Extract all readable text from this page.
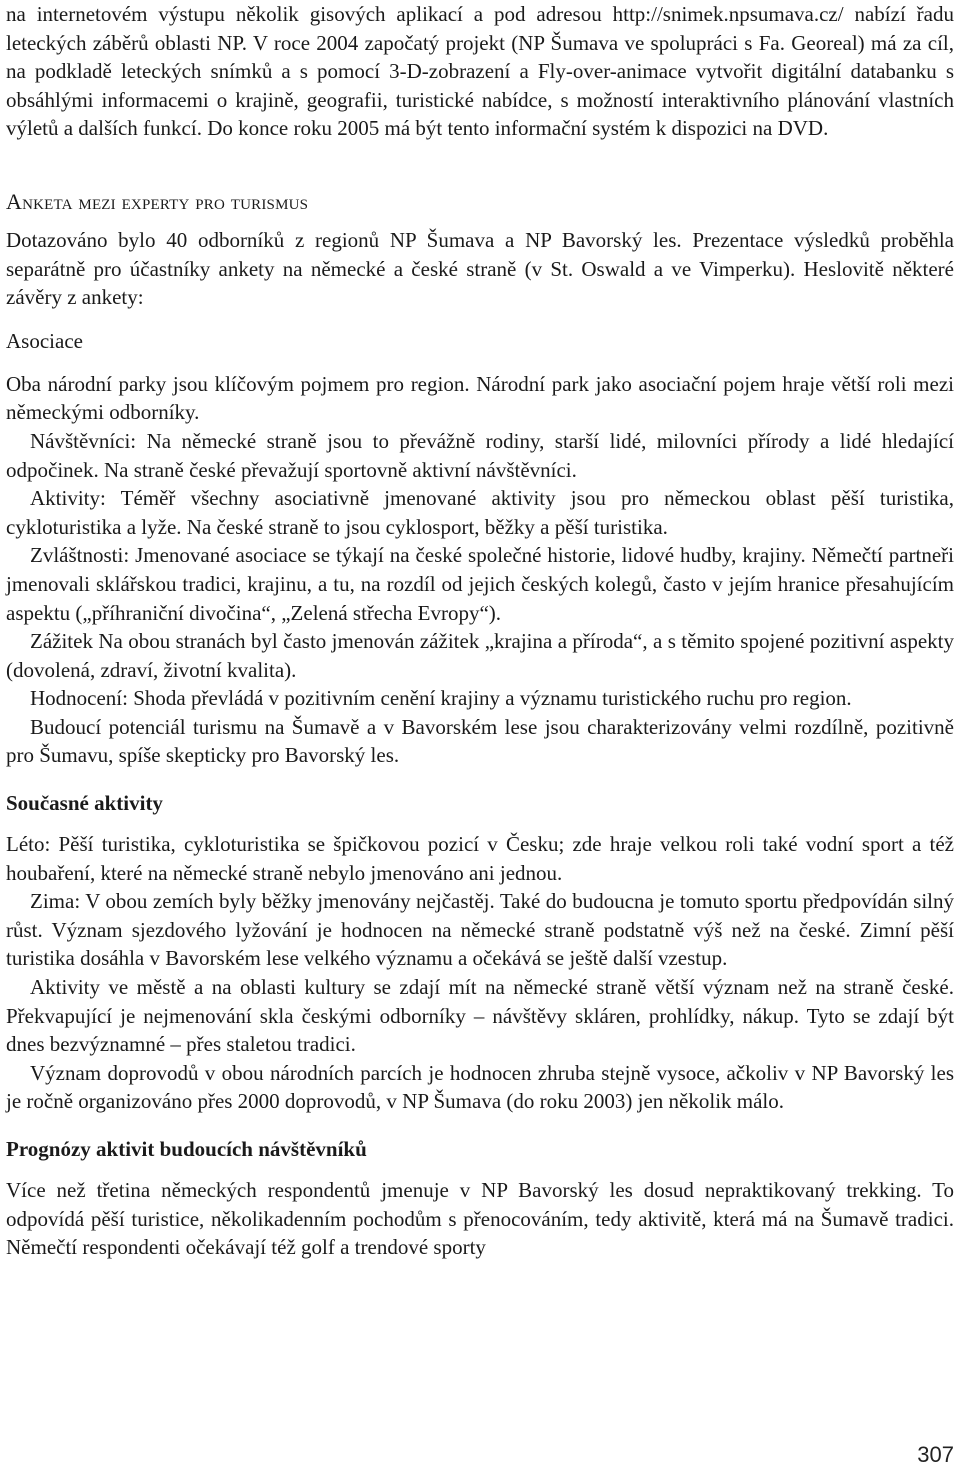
na internetovém výstupu několik gisových aplikací a pod adresou http://snimek.npsumava.cz/ nabízí řadu leteckých záběrů oblasti NP. V roce 2004 započatý projekt (NP Šumava ve spolupráci s Fa. Georeal) má za cíl, na podkladě leteckých snímků a s pomocí 3-D-zobrazení a Fly-over-animace vytvořit digitální databanku s obsáhlými informacemi o krajině, geografii, turistické nabídce, s možností interaktivního plánování vlastních výletů a dalších funkcí. Do konce roku 2005 má být tento informační systém k dispozici na DVD.

Anketa mezi experty pro turismus

Dotazováno bylo 40 odborníků z regionů NP Šumava a NP Bavorský les. Prezentace výsledků proběhla separátně pro účastníky ankety na německé a české straně (v St. Oswald a ve Vimperku). Heslovitě některé závěry z ankety:

Asociace

Oba národní parky jsou klíčovým pojmem pro region. Národní park jako asociační pojem hraje větší roli mezi německými odborníky.

Návštěvníci: Na německé straně jsou to převážně rodiny, starší lidé, milovníci přírody a lidé hledající odpočinek. Na straně české převažují sportovně aktivní návštěvníci.

Aktivity: Téměř všechny asociativně jmenované aktivity jsou pro německou oblast pěší turistika, cykloturistika a lyže. Na české straně to jsou cyklosport, běžky a pěší turistika.

Zvláštnosti: Jmenované asociace se týkají na české společné historie, lidové hudby, krajiny. Němečtí partneři jmenovali sklářskou tradici, krajinu, a tu, na rozdíl od jejich českých kolegů, často v jejím hranice přesahujícím aspektu („příhraniční divočina“, „Zelená střecha Evropy“).

Zážitek Na obou stranách byl často jmenován zážitek „krajina a příroda“, a s těmito spojené pozitivní aspekty (dovolená, zdraví, životní kvalita).

Hodnocení: Shoda převládá v pozitivním cenění krajiny a významu turistického ruchu pro region.

Budoucí potenciál turismu na Šumavě a v Bavorském lese jsou charakterizovány velmi rozdílně, pozitivně pro Šumavu, spíše skepticky pro Bavorský les.

Současné aktivity

Léto: Pěší turistika, cykloturistika se špičkovou pozicí v Česku; zde hraje velkou roli také vodní sport a též houbaření, které na německé straně nebylo jmenováno ani jednou.

Zima: V obou zemích byly běžky jmenovány nejčastěj. Také do budoucna je tomuto sportu předpovídán silný růst. Význam sjezdového lyžování je hodnocen na německé straně podstatně výš než na české. Zimní pěší turistika dosáhla v Bavorském lese velkého významu a očekává se ještě další vzestup.

Aktivity ve městě a na oblasti kultury se zdají mít na německé straně větší význam než na straně české. Překvapující je nejmenování skla českými odborníky – návštěvy skláren, prohlídky, nákup. Tyto se zdají být dnes bezvýznamné – přes staletou tradici.

Význam doprovodů v obou národních parcích je hodnocen zhruba stejně vysoce, ačkoliv v NP Bavorský les je ročně organizováno přes 2000 doprovodů, v NP Šumava (do roku 2003) jen několik málo.

Prognózy aktivit budoucích návštěvníků

Více než třetina německých respondentů jmenuje v NP Bavorský les dosud nepraktikovaný trekking. To odpovídá pěší turistice, několikadenním pochodům s přenocováním, tedy aktivitě, která má na Šumavě tradici. Němečtí respondenti očekávají též golf a trendové sporty

307
